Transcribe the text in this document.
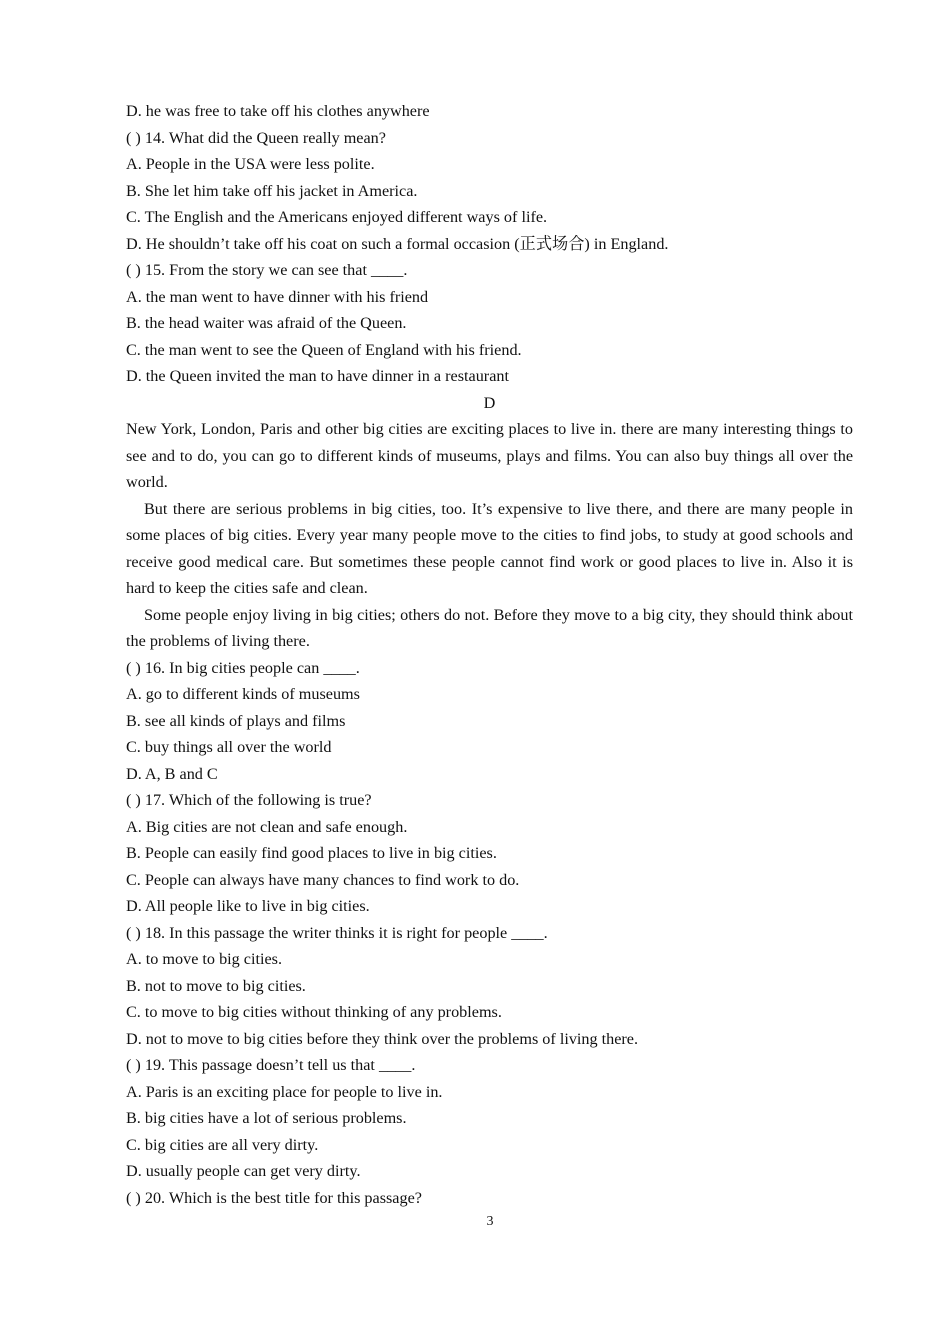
D. he was free to take off his clothes anywhere
( ) 14. What did the Queen really mean?
A. People in the USA were less polite.
B. She let him take off his jacket in America.
C. The English and the Americans enjoyed different ways of life.
D. He shouldn’t take off his coat on such a formal occasion (正式场合) in England.
( ) 15. From the story we can see that ____.
A. the man went to have dinner with his friend
B. the head waiter was afraid of the Queen.
C. the man went to see the Queen of England with his friend.
D. the Queen invited the man to have dinner in a restaurant
D
New York, London, Paris and other big cities are exciting places to live in. there are many interesting things to see and to do, you can go to different kinds of museums, plays and films. You can also buy things all over the world.
But there are serious problems in big cities, too. It’s expensive to live there, and there are many people in some places of big cities. Every year many people move to the cities to find jobs, to study at good schools and receive good medical care. But sometimes these people cannot find work or good places to live in. Also it is hard to keep the cities safe and clean.
Some people enjoy living in big cities; others do not. Before they move to a big city, they should think about the problems of living there.
( ) 16. In big cities people can ____.
A. go to different kinds of museums
B. see all kinds of plays and films
C. buy things all over the world
D. A, B and C
( ) 17. Which of the following is true?
A. Big cities are not clean and safe enough.
B. People can easily find good places to live in big cities.
C. People can always have many chances to find work to do.
D. All people like to live in big cities.
( ) 18. In this passage the writer thinks it is right for people ____.
A. to move to big cities.
B. not to move to big cities.
C. to move to big cities without thinking of any problems.
D. not to move to big cities before they think over the problems of living there.
( ) 19. This passage doesn’t tell us that ____.
A. Paris is an exciting place for people to live in.
B. big cities have a lot of serious problems.
C. big cities are all very dirty.
D. usually people can get very dirty.
( ) 20. Which is the best title for this passage?
3
